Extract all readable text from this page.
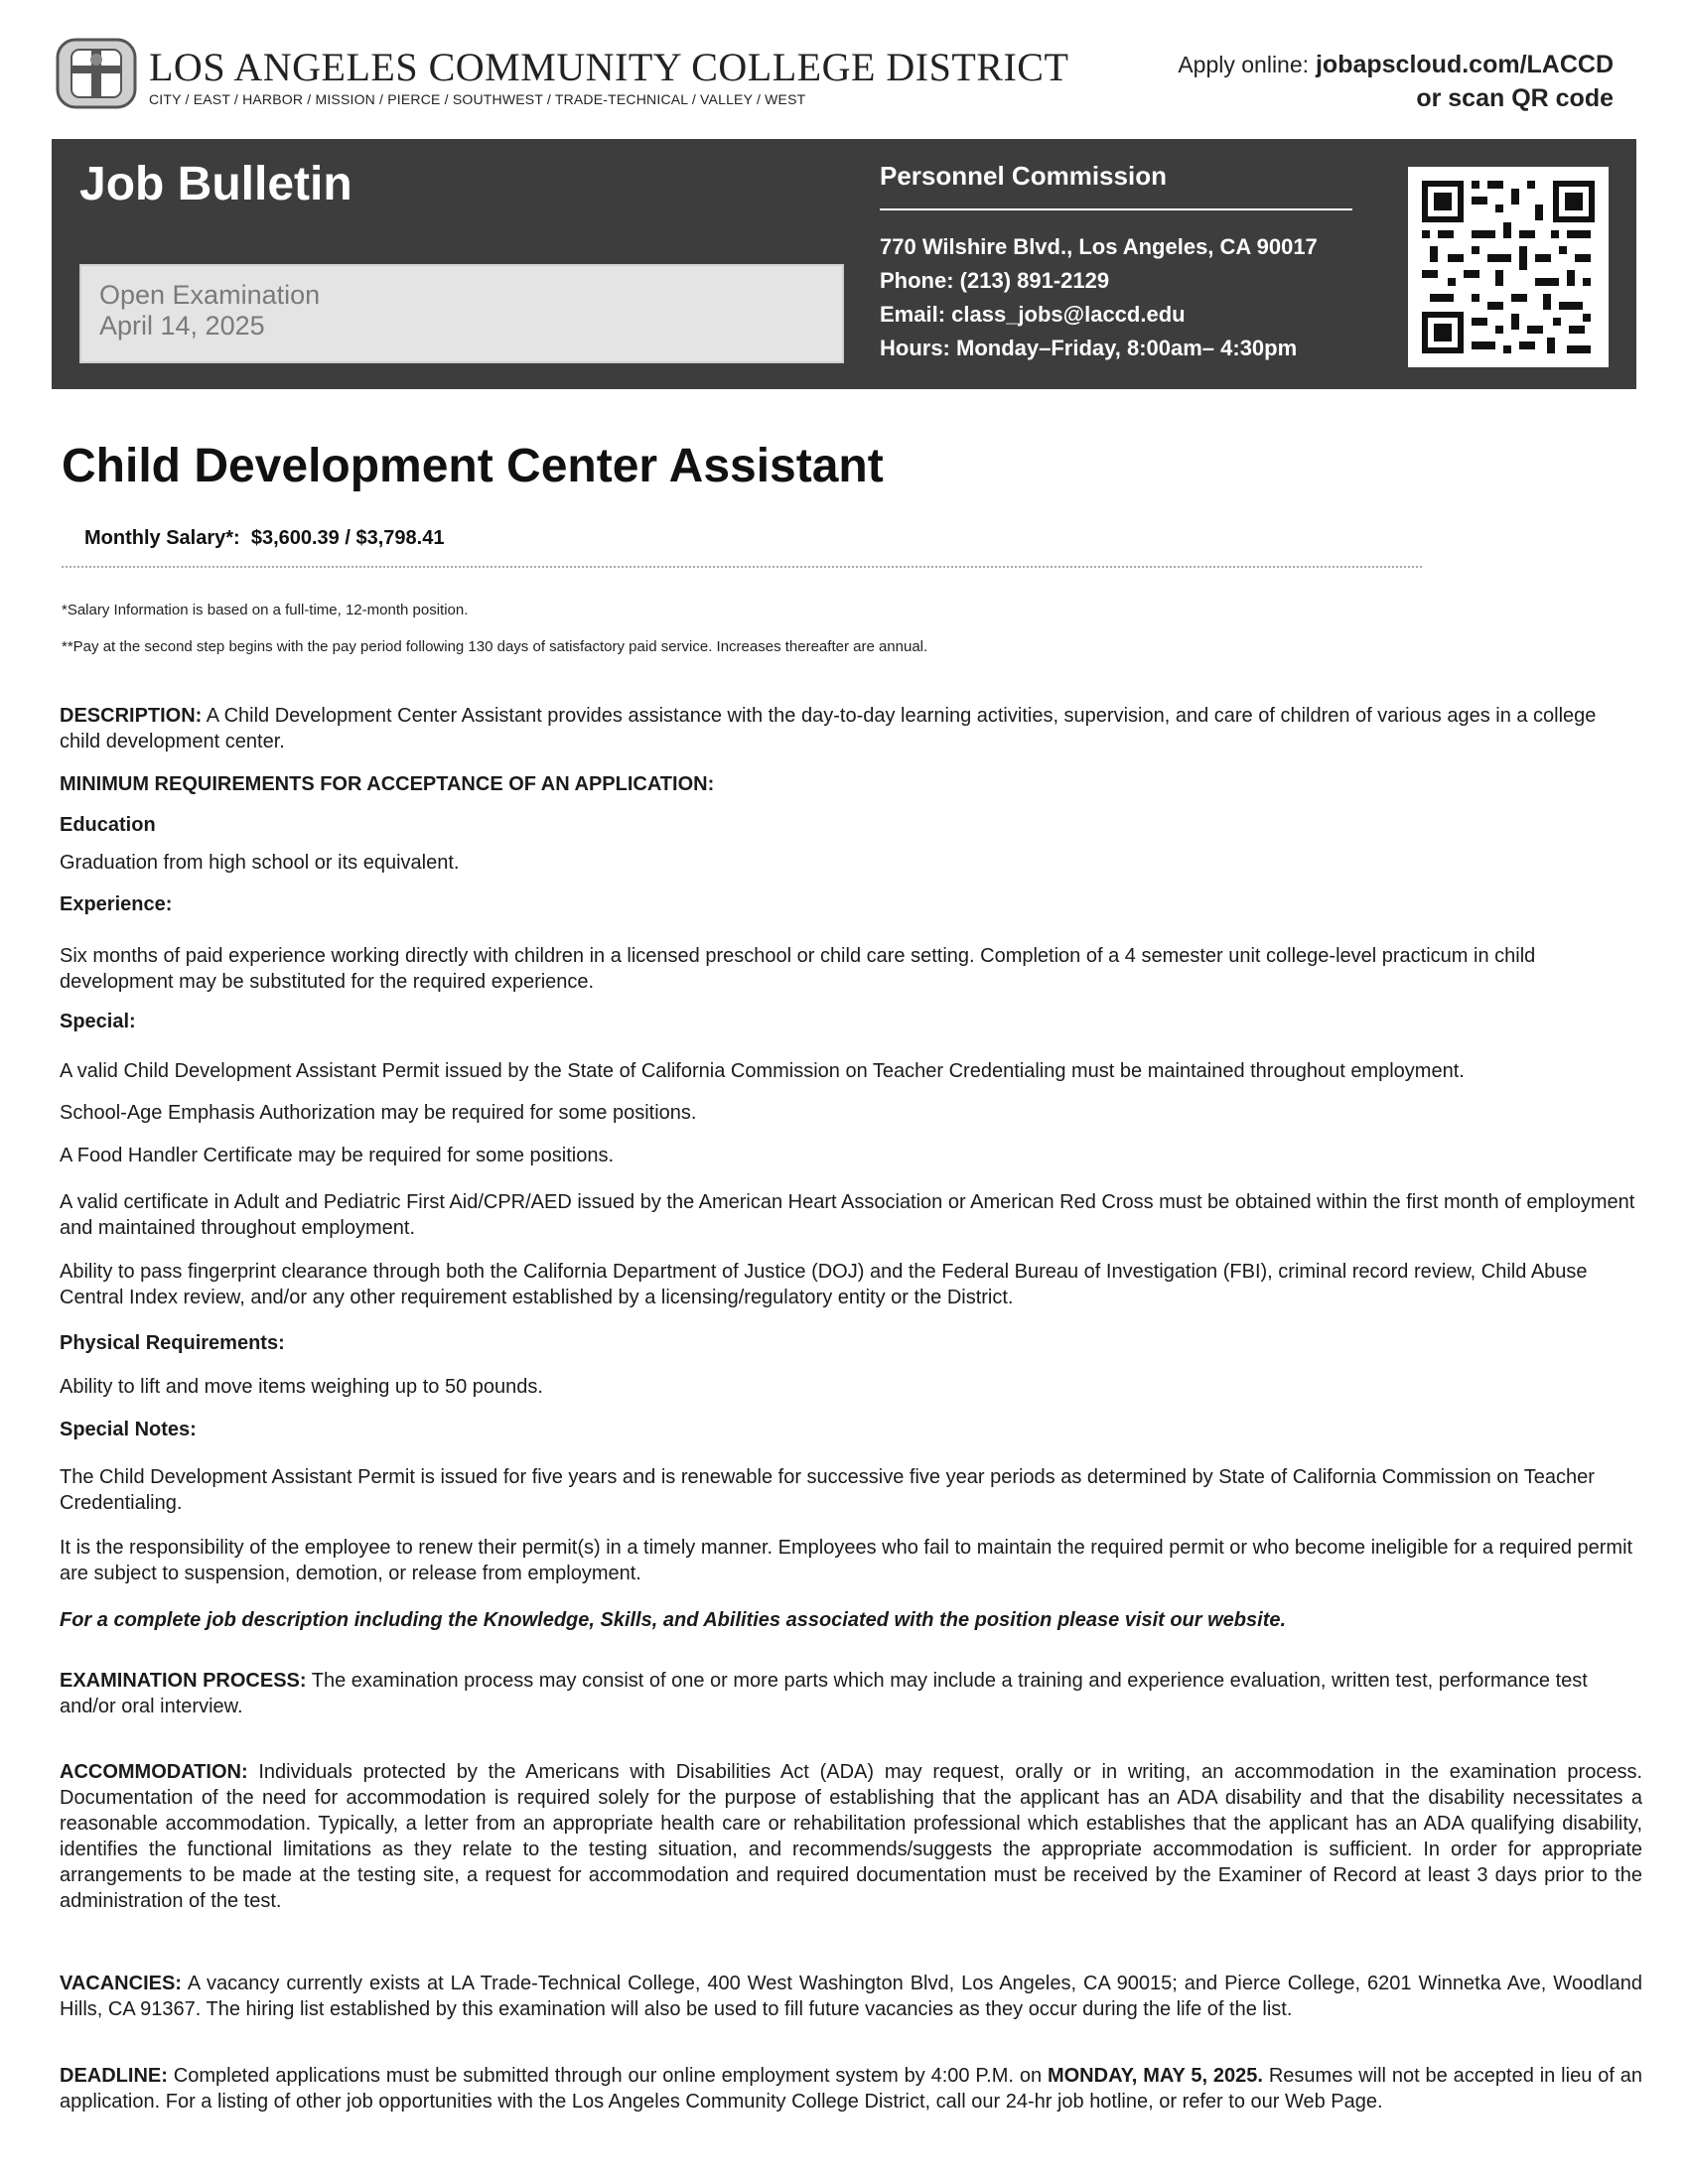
LOS ANGELES COMMUNITY COLLEGE DISTRICT
CITY / EAST / HARBOR / MISSION / PIERCE / SOUTHWEST / TRADE-TECHNICAL / VALLEY / WEST
Apply online: jobapscloud.com/LACCD
or scan QR code
Job Bulletin
Open Examination
April 14, 2025
Personnel Commission
770 Wilshire Blvd., Los Angeles, CA 90017
Phone: (213) 891-2129
Email: class_jobs@laccd.edu
Hours: Monday–Friday, 8:00am– 4:30pm
Child Development Center Assistant
Monthly Salary*: $3,600.39 / $3,798.41
*Salary Information is based on a full-time, 12-month position.
**Pay at the second step begins with the pay period following 130 days of satisfactory paid service. Increases thereafter are annual.
DESCRIPTION: A Child Development Center Assistant provides assistance with the day-to-day learning activities, supervision, and care of children of various ages in a college child development center.
MINIMUM REQUIREMENTS FOR ACCEPTANCE OF AN APPLICATION:
Education
Graduation from high school or its equivalent.
Experience:
Six months of paid experience working directly with children in a licensed preschool or child care setting. Completion of a 4 semester unit college-level practicum in child development may be substituted for the required experience.
Special:
A valid Child Development Assistant Permit issued by the State of California Commission on Teacher Credentialing must be maintained throughout employment.
School-Age Emphasis Authorization may be required for some positions.
A Food Handler Certificate may be required for some positions.
A valid certificate in Adult and Pediatric First Aid/CPR/AED issued by the American Heart Association or American Red Cross must be obtained within the first month of employment and maintained throughout employment.
Ability to pass fingerprint clearance through both the California Department of Justice (DOJ) and the Federal Bureau of Investigation (FBI), criminal record review, Child Abuse Central Index review, and/or any other requirement established by a licensing/regulatory entity or the District.
Physical Requirements:
Ability to lift and move items weighing up to 50 pounds.
Special Notes:
The Child Development Assistant Permit is issued for five years and is renewable for successive five year periods as determined by State of California Commission on Teacher Credentialing.
It is the responsibility of the employee to renew their permit(s) in a timely manner. Employees who fail to maintain the required permit or who become ineligible for a required permit are subject to suspension, demotion, or release from employment.
For a complete job description including the Knowledge, Skills, and Abilities associated with the position please visit our website.
EXAMINATION PROCESS: The examination process may consist of one or more parts which may include a training and experience evaluation, written test, performance test and/or oral interview.
ACCOMMODATION: Individuals protected by the Americans with Disabilities Act (ADA) may request, orally or in writing, an accommodation in the examination process. Documentation of the need for accommodation is required solely for the purpose of establishing that the applicant has an ADA disability and that the disability necessitates a reasonable accommodation. Typically, a letter from an appropriate health care or rehabilitation professional which establishes that the applicant has an ADA qualifying disability, identifies the functional limitations as they relate to the testing situation, and recommends/suggests the appropriate accommodation is sufficient. In order for appropriate arrangements to be made at the testing site, a request for accommodation and required documentation must be received by the Examiner of Record at least 3 days prior to the administration of the test.
VACANCIES: A vacancy currently exists at LA Trade-Technical College, 400 West Washington Blvd, Los Angeles, CA 90015; and Pierce College, 6201 Winnetka Ave, Woodland Hills, CA 91367. The hiring list established by this examination will also be used to fill future vacancies as they occur during the life of the list.
DEADLINE: Completed applications must be submitted through our online employment system by 4:00 P.M. on MONDAY, MAY 5, 2025. Resumes will not be accepted in lieu of an application. For a listing of other job opportunities with the Los Angeles Community College District, call our 24-hr job hotline, or refer to our Web Page.
